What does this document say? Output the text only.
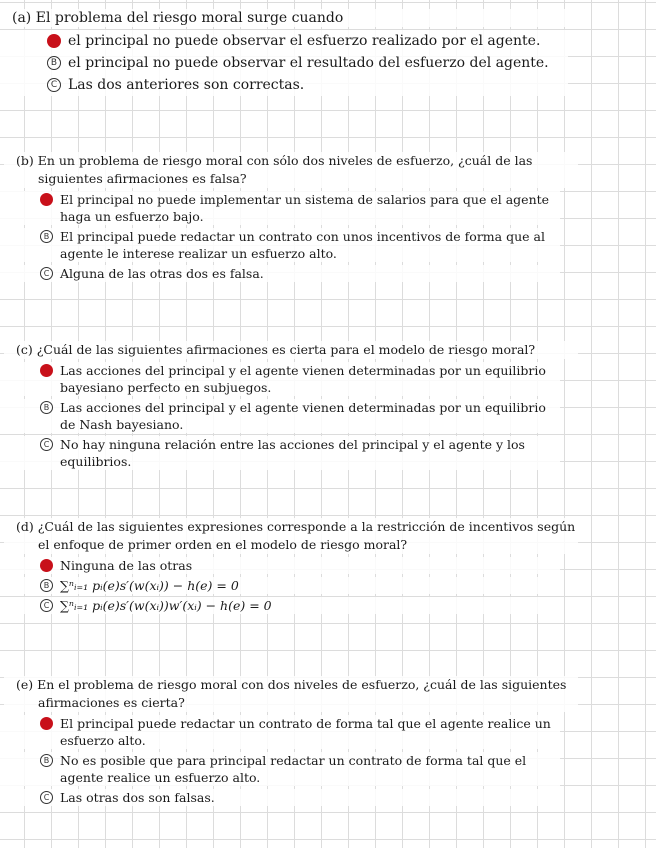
(a) El problema del riesgo moral surge cuando
el principal no puede observar el esfuerzo realizado por el agente.
B el principal no puede observar el resultado del esfuerzo del agente.
C Las dos anteriores son correctas.
(b) En un problema de riesgo moral con sólo dos niveles de esfuerzo, ¿cuál de las siguientes afirmaciones es falsa?
El principal no puede implementar un sistema de salarios para que el agente haga un esfuerzo bajo.
B El principal puede redactar un contrato con unos incentivos de forma que al agente le interese realizar un esfuerzo alto.
C Alguna de las otras dos es falsa.
(c) ¿Cuál de las siguientes afirmaciones es cierta para el modelo de riesgo moral?
Las acciones del principal y el agente vienen determinadas por un equilibrio bayesiano perfecto en subjuegos.
B Las acciones del principal y el agente vienen determinadas por un equilibrio de Nash bayesiano.
C No hay ninguna relación entre las acciones del principal y el agente y los equilibrios.
(d) ¿Cuál de las siguientes expresiones corresponde a la restricción de incentivos según el enfoque de primer orden en el modelo de riesgo moral?
Ninguna de las otras
B ∑ⁿᵢ₌₁ pᵢ(e)s′(w(xᵢ)) − h(e) = 0
C ∑ⁿᵢ₌₁ pᵢ(e)s′(w(xᵢ))w′(xᵢ) − h(e) = 0
(e) En el problema de riesgo moral con dos niveles de esfuerzo, ¿cuál de las siguientes afirmaciones es cierta?
El principal puede redactar un contrato de forma tal que el agente realice un esfuerzo alto.
B No es posible que para principal redactar un contrato de forma tal que el agente realice un esfuerzo alto.
C Las otras dos son falsas.
